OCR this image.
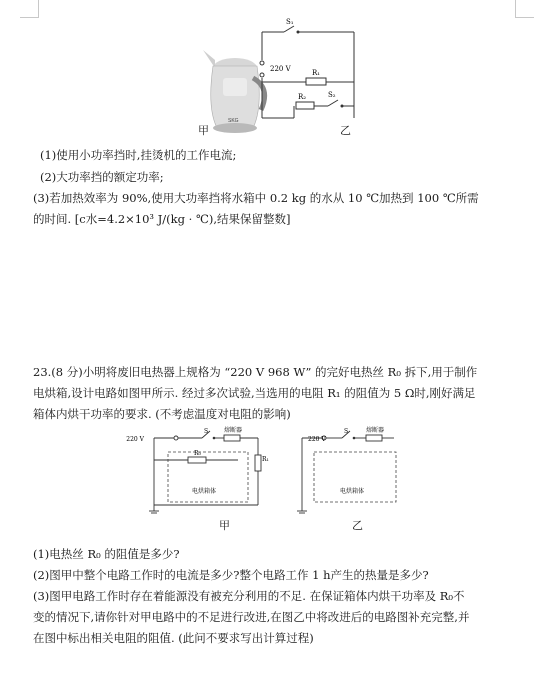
SKG
S₁
220 V	R₁
R₂	S₂
甲	乙
(1)使用小功率挡时,挂烫机的工作电流;
(2)大功率挡的额定功率;
(3)若加热效率为 90%,使用大功率挡将水箱中 0.2 kg 的水从 10 ℃加热到 100 ℃所需
的时间. [c水=4.2×10³ J/(kg · ℃),结果保留整数]
23.(8 分)小明将废旧电热器上规格为 “220 V 968 W” 的完好电热丝 R₀ 拆下,用于制作
电烘箱,设计电路如图甲所示. 经过多次试验,当选用的电阻 R₁ 的阻值为 5 Ω时,刚好满足
箱体内烘干功率的要求. (不考虑温度对电阻的影响)
220 V
S	熔断器
R₀
R₁
电烘箱体
220 V
S	熔断器
电烘箱体
甲	乙
(1)电热丝 R₀ 的阻值是多少?
(2)图甲中整个电路工作时的电流是多少?整个电路工作 1 h产生的热量是多少?
(3)图甲电路工作时存在着能源没有被充分利用的不足. 在保证箱体内烘干功率及 R₀不
变的情况下,请你针对甲电路中的不足进行改进,在图乙中将改进后的电路图补充完整,并
在图中标出相关电阻的阻值. (此问不要求写出计算过程)
